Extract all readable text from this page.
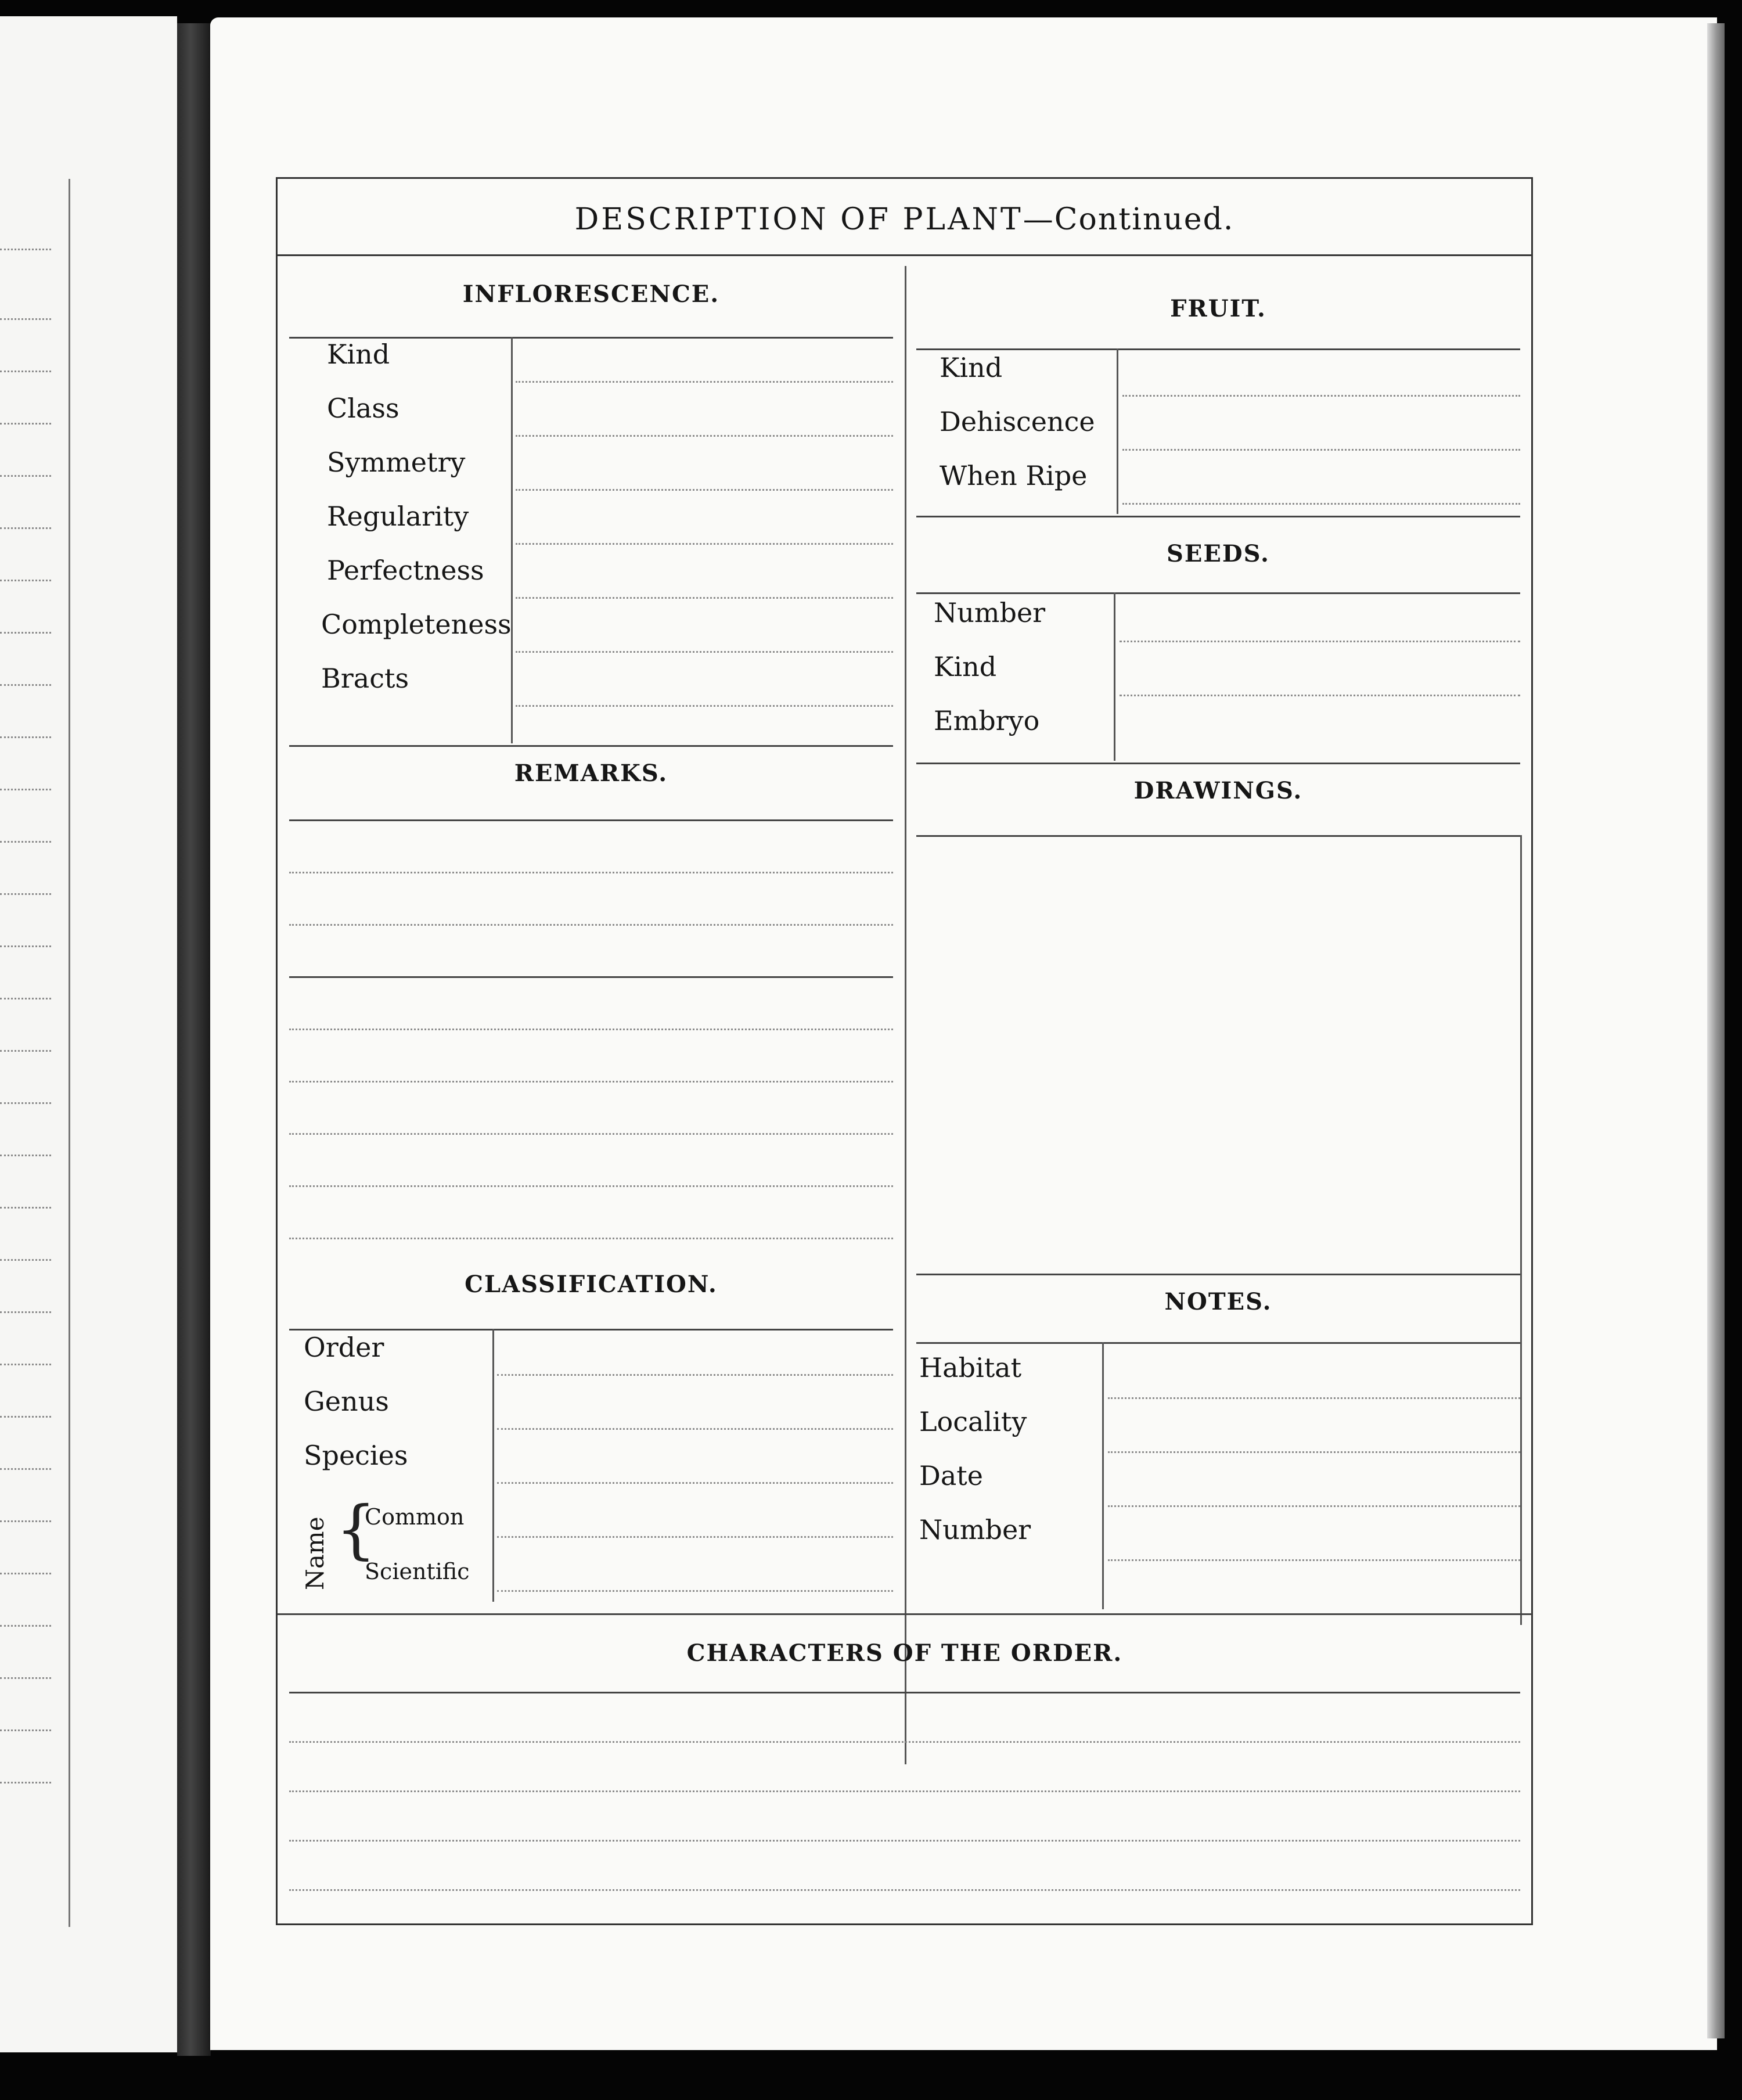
DESCRIPTION OF PLANT—Continued.
INFLORESCENCE.
Kind
Class
Symmetry
Regularity
Perfectness
Completeness
Bracts
REMARKS.
CLASSIFICATION.
Order
Genus
Species
Name {
Common
Scientific
FRUIT.
Kind
Dehiscence
When Ripe
SEEDS.
Number
Kind
Embryo
DRAWINGS.
NOTES.
Habitat
Locality
Date
Number
CHARACTERS OF THE ORDER.
